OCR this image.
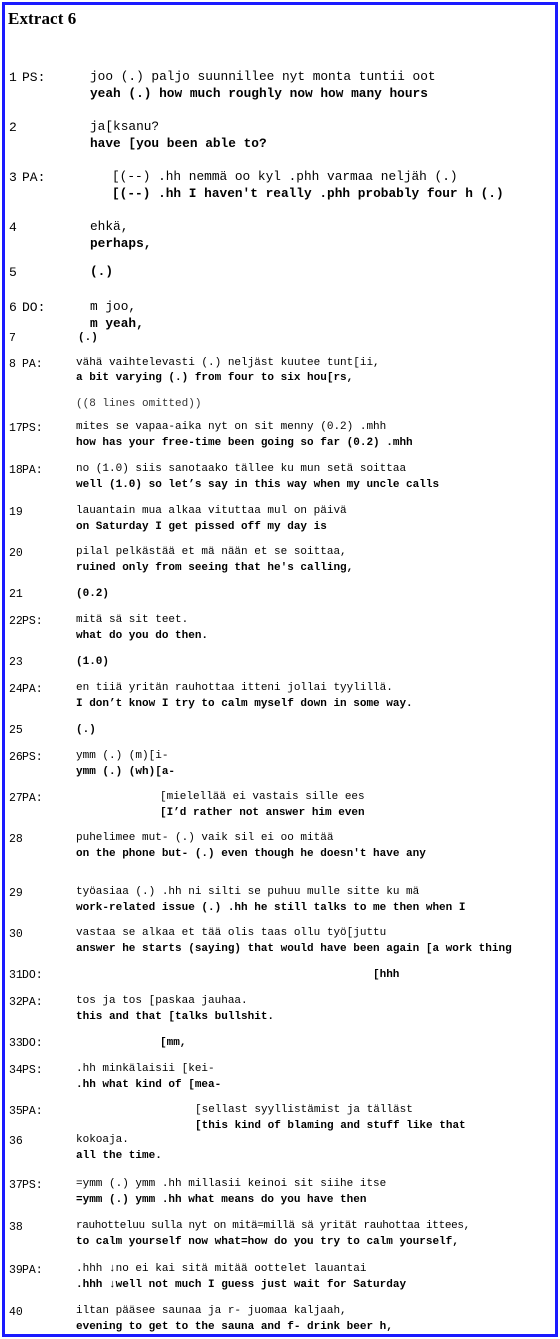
Extract 6
1 PS:	joo (.) paljo suunnillee nyt monta tuntii oot
yeah (.) how much roughly now how many hours
2	ja[ksanu?
have [you been able to?
3 PA:	[(--) .hh nemmä oo kyl .phh varmaa neljäh (.)
[(--) .hh I haven't really .phh probably four h (.)
4	ehkä,
perhaps,
5	(.)
6 DO:	m joo,
m yeah,
7	(.)
8 PA:	vähä vaihtelevasti (.) neljäst kuutee tunt[ii,
a bit varying (.) from four to six hou[rs,
((8 lines omitted))
17 PS:	mites se vapaa-aika nyt on sit menny (0.2) .mhh
how has your free-time been going so far (0.2) .mhh
18 PA:	no (1.0) siis sanotaako tällee ku mun setä soittaa
well (1.0) so let’s say in this way when my uncle calls
19	lauantain mua alkaa vituttaa mul on päivä
on Saturday I get pissed off my day is
20	pilal pelkästää et mä nään et se soittaa,
ruined only from seeing that he's calling,
21	(0.2)
22 PS:	mitä sä sit teet.
what do you do then.
23	(1.0)
24 PA:	en tiiä yritän rauhottaa itteni jollai tyylillä.
I don’t know I try to calm myself down in some way.
25	(.)
26 PS:	ymm (.) (m)[i-
ymm (.) (wh)[a-
27 PA:	[mielellää ei vastais sille ees
[I’d rather not answer him even
28	puhelimee mut- (.) vaik sil ei oo mitää
on the phone but- (.) even though he doesn't have any
29	työasiaa (.) .hh ni silti se puhuu mulle sitte ku mä
work-related issue (.) .hh he still talks to me then when I
30	vastaa se alkaa et tää olis taas ollu työ[juttu
answer he starts (saying) that would have been again [a work thing
31 DO:	[hhh
32 PA:	tos ja tos [paskaa jauhaa.
this and that [talks bullshit.
33 DO:	[mm,
34 PS:	.hh minkälaisii [kei-
.hh what kind of [mea-
35 PA:	[sellast syyllistämist ja tälläst
[this kind of blaming and stuff like that
36	kokoaja.
all the time.
37 PS:	=ymm (.) ymm .hh millasii keinoi sit siihe itse
=ymm (.) ymm .hh what means do you have then
38	rauhotteluu sulla nyt on mitä=millä sä yrität rauhottaa ittees,
to calm yourself now what=how do you try to calm yourself,
39 PA:	.hhh ↓no ei kai sitä mitää oottelet lauantai
.hhh ↓well not much I guess just wait for Saturday
40	iltan pääsee saunaa ja r- juomaa kaljaah,
evening to get to the sauna and f- drink beer h,
